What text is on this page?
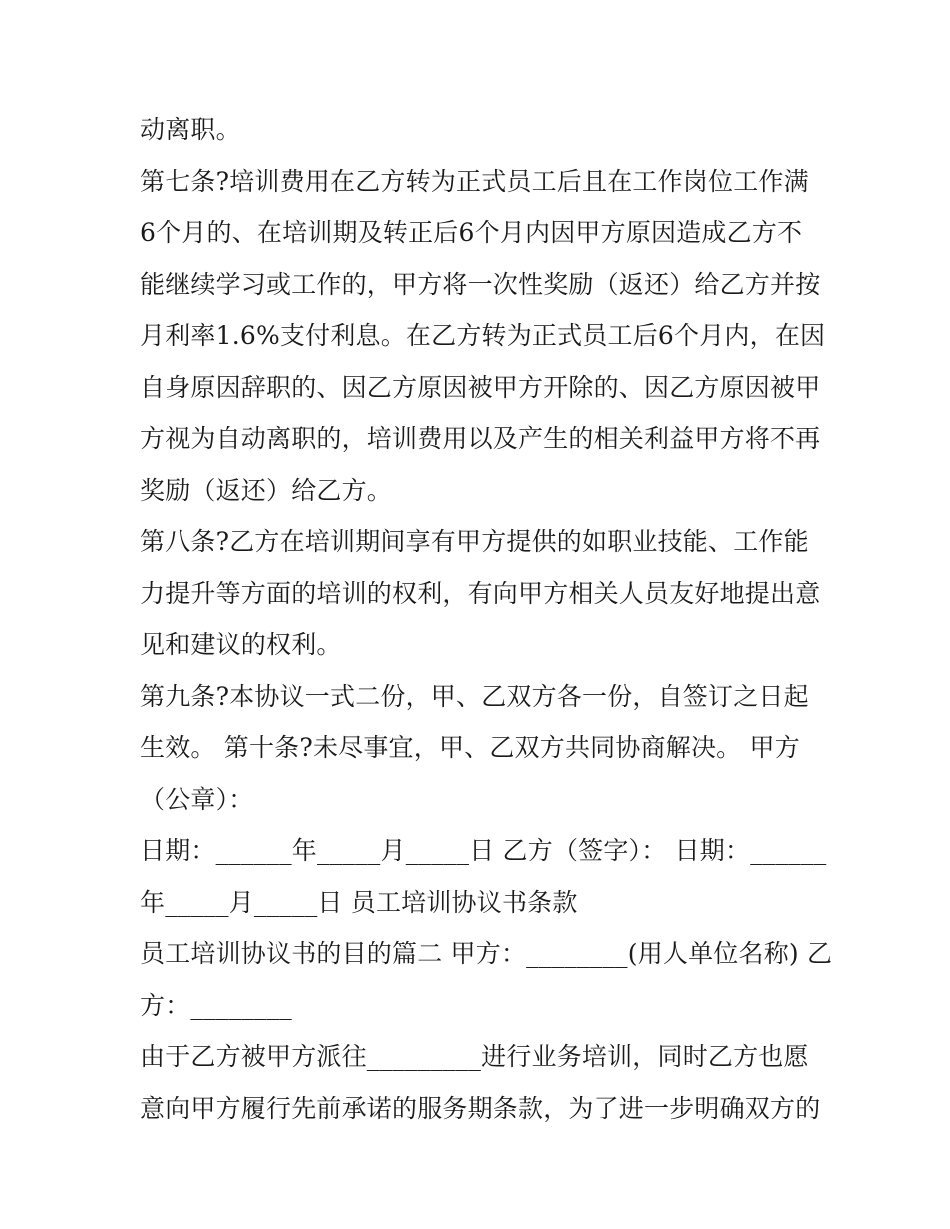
动离职。
第七条?培训费用在乙方转为正式员工后且在工作岗位工作满
6个月的、在培训期及转正后6个月内因甲方原因造成乙方不
能继续学习或工作的，甲方将一次性奖励（返还）给乙方并按
月利率1.6%支付利息。在乙方转为正式员工后6个月内，在因
自身原因辞职的、因乙方原因被甲方开除的、因乙方原因被甲
方视为自动离职的，培训费用以及产生的相关利益甲方将不再
奖励（返还）给乙方。
第八条?乙方在培训期间享有甲方提供的如职业技能、工作能
力提升等方面的培训的权利，有向甲方相关人员友好地提出意
见和建议的权利。
第九条?本协议一式二份，甲、乙双方各一份，自签订之日起
生效。 第十条?未尽事宜，甲、乙双方共同协商解决。 甲方
（公章）：
日期：______年_____月_____日 乙方（签字）： 日期：______
年_____月_____日 员工培训协议书条款
员工培训协议书的目的篇二 甲方：________(用人单位名称) 乙
方：________
由于乙方被甲方派往_________进行业务培训，同时乙方也愿
意向甲方履行先前承诺的服务期条款，为了进一步明确双方的
